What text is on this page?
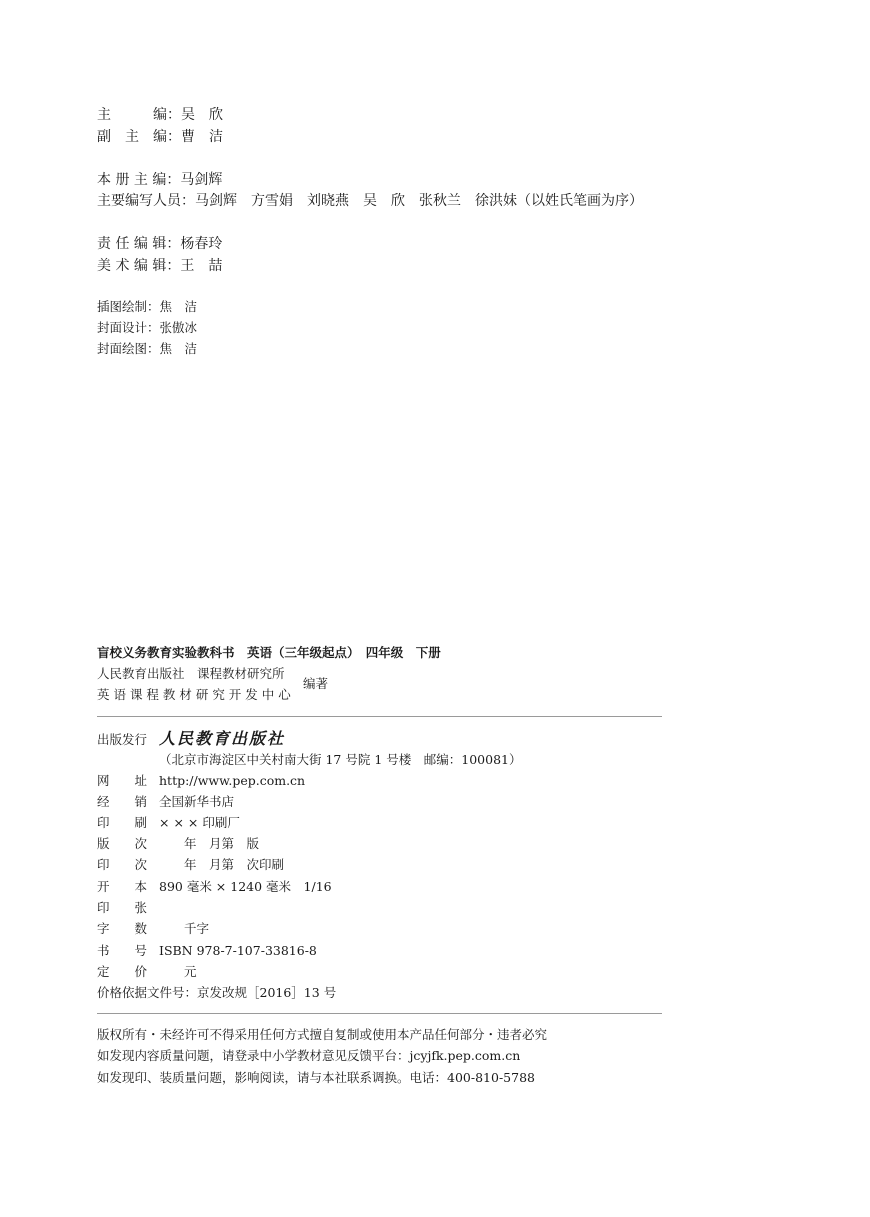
主　　　编：吴　欣
副　主　编：曹　洁
本 册 主 编：马剑辉
主要编写人员：马剑辉　方雪娟　刘晓燕　吴　欣　张秋兰　徐洪妹（以姓氏笔画为序）
责 任 编 辑：杨春玲
美 术 编 辑：王　喆
插图绘制：焦　洁
封面设计：张傲冰
封面绘图：焦　洁
盲校义务教育实验教科书　英语（三年级起点）　四年级　下册
人民教育出版社　课程教材研究所
英 语 课 程 教 材 研 究 开 发 中 心
编著
出版发行 人民教育出版社
（北京市海淀区中关村南大街 17 号院 1 号楼　邮编：100081）
网　　址 http://www.pep.com.cn
经　　销 全国新华书店
印　　刷 × × × 印刷厂
版　　次　　年　月第　版
印　　次　　年　月第　次印刷
开　　本 890 毫米 × 1240 毫米　1/16
印　　张
字　　数　　千字
书　　号 ISBN 978-7-107-33816-8
定　　价　　元
价格依据文件号：京发改规［2016］13 号
版权所有・未经许可不得采用任何方式擅自复制或使用本产品任何部分・违者必究
如发现内容质量问题，请登录中小学教材意见反馈平台：jcyjfk.pep.com.cn
如发现印、装质量问题，影响阅读，请与本社联系调换。电话：400-810-5788
